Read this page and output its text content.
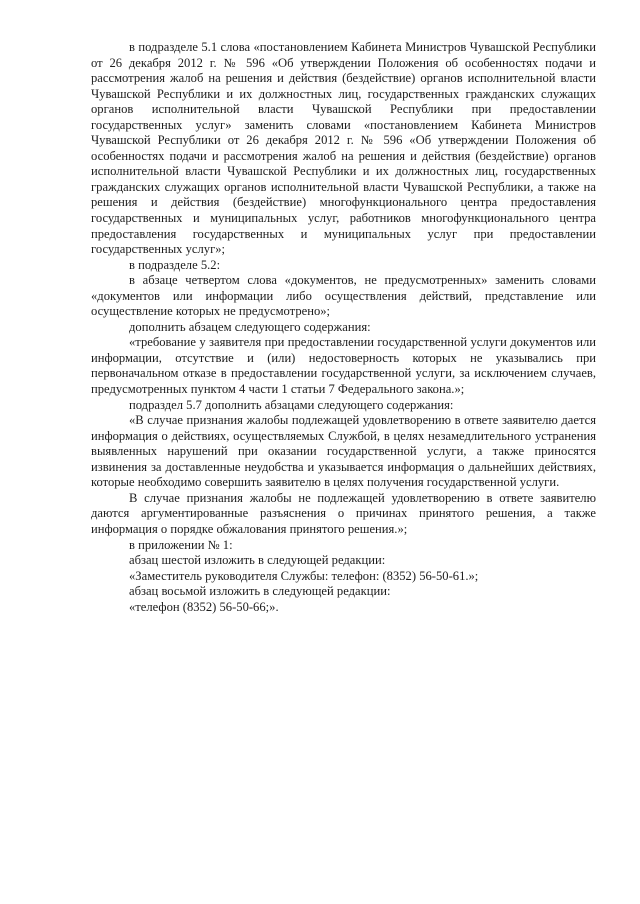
в подразделе 5.1 слова «постановлением Кабинета Министров Чувашской Республики от 26 декабря 2012 г. № 596 «Об утверждении Положения об особенностях подачи и рассмотрения жалоб на решения и действия (бездействие) органов исполнительной власти Чувашской Республики и их должностных лиц, государственных гражданских служащих органов исполнительной власти Чувашской Республики при предоставлении государственных услуг» заменить словами «постановлением Кабинета Министров Чувашской Республики от 26 декабря 2012 г. № 596 «Об утверждении Положения об особенностях подачи и рассмотрения жалоб на решения и действия (бездействие) органов исполнительной власти Чувашской Республики и их должностных лиц, государственных гражданских служащих органов исполнительной власти Чувашской Республики, а также на решения и действия (бездействие) многофункционального центра предоставления государственных и муниципальных услуг, работников многофункционального центра предоставления государственных и муниципальных услуг при предоставлении государственных услуг»;

в подразделе 5.2:

в абзаце четвертом слова «документов, не предусмотренных» заменить словами «документов или информации либо осуществления действий, представление или осуществление которых не предусмотрено»;

дополнить абзацем следующего содержания:

«требование у заявителя при предоставлении государственной услуги документов или информации, отсутствие и (или) недостоверность которых не указывались при первоначальном отказе в предоставлении государственной услуги, за исключением случаев, предусмотренных пунктом 4 части 1 статьи 7 Федерального закона.»;

подраздел 5.7 дополнить абзацами следующего содержания:

«В случае признания жалобы подлежащей удовлетворению в ответе заявителю дается информация о действиях, осуществляемых Службой, в целях незамедлительного устранения выявленных нарушений при оказании государственной услуги, а также приносятся извинения за доставленные неудобства и указывается информация о дальнейших действиях, которые необходимо совершить заявителю в целях получения государственной услуги.

В случае признания жалобы не подлежащей удовлетворению в ответе заявителю даются аргументированные разъяснения о причинах принятого решения, а также информация о порядке обжалования принятого решения.»;

в приложении № 1:

абзац шестой изложить в следующей редакции:

«Заместитель руководителя Службы: телефон: (8352) 56-50-61.»;

абзац восьмой изложить в следующей редакции:

«телефон (8352) 56-50-66;».
